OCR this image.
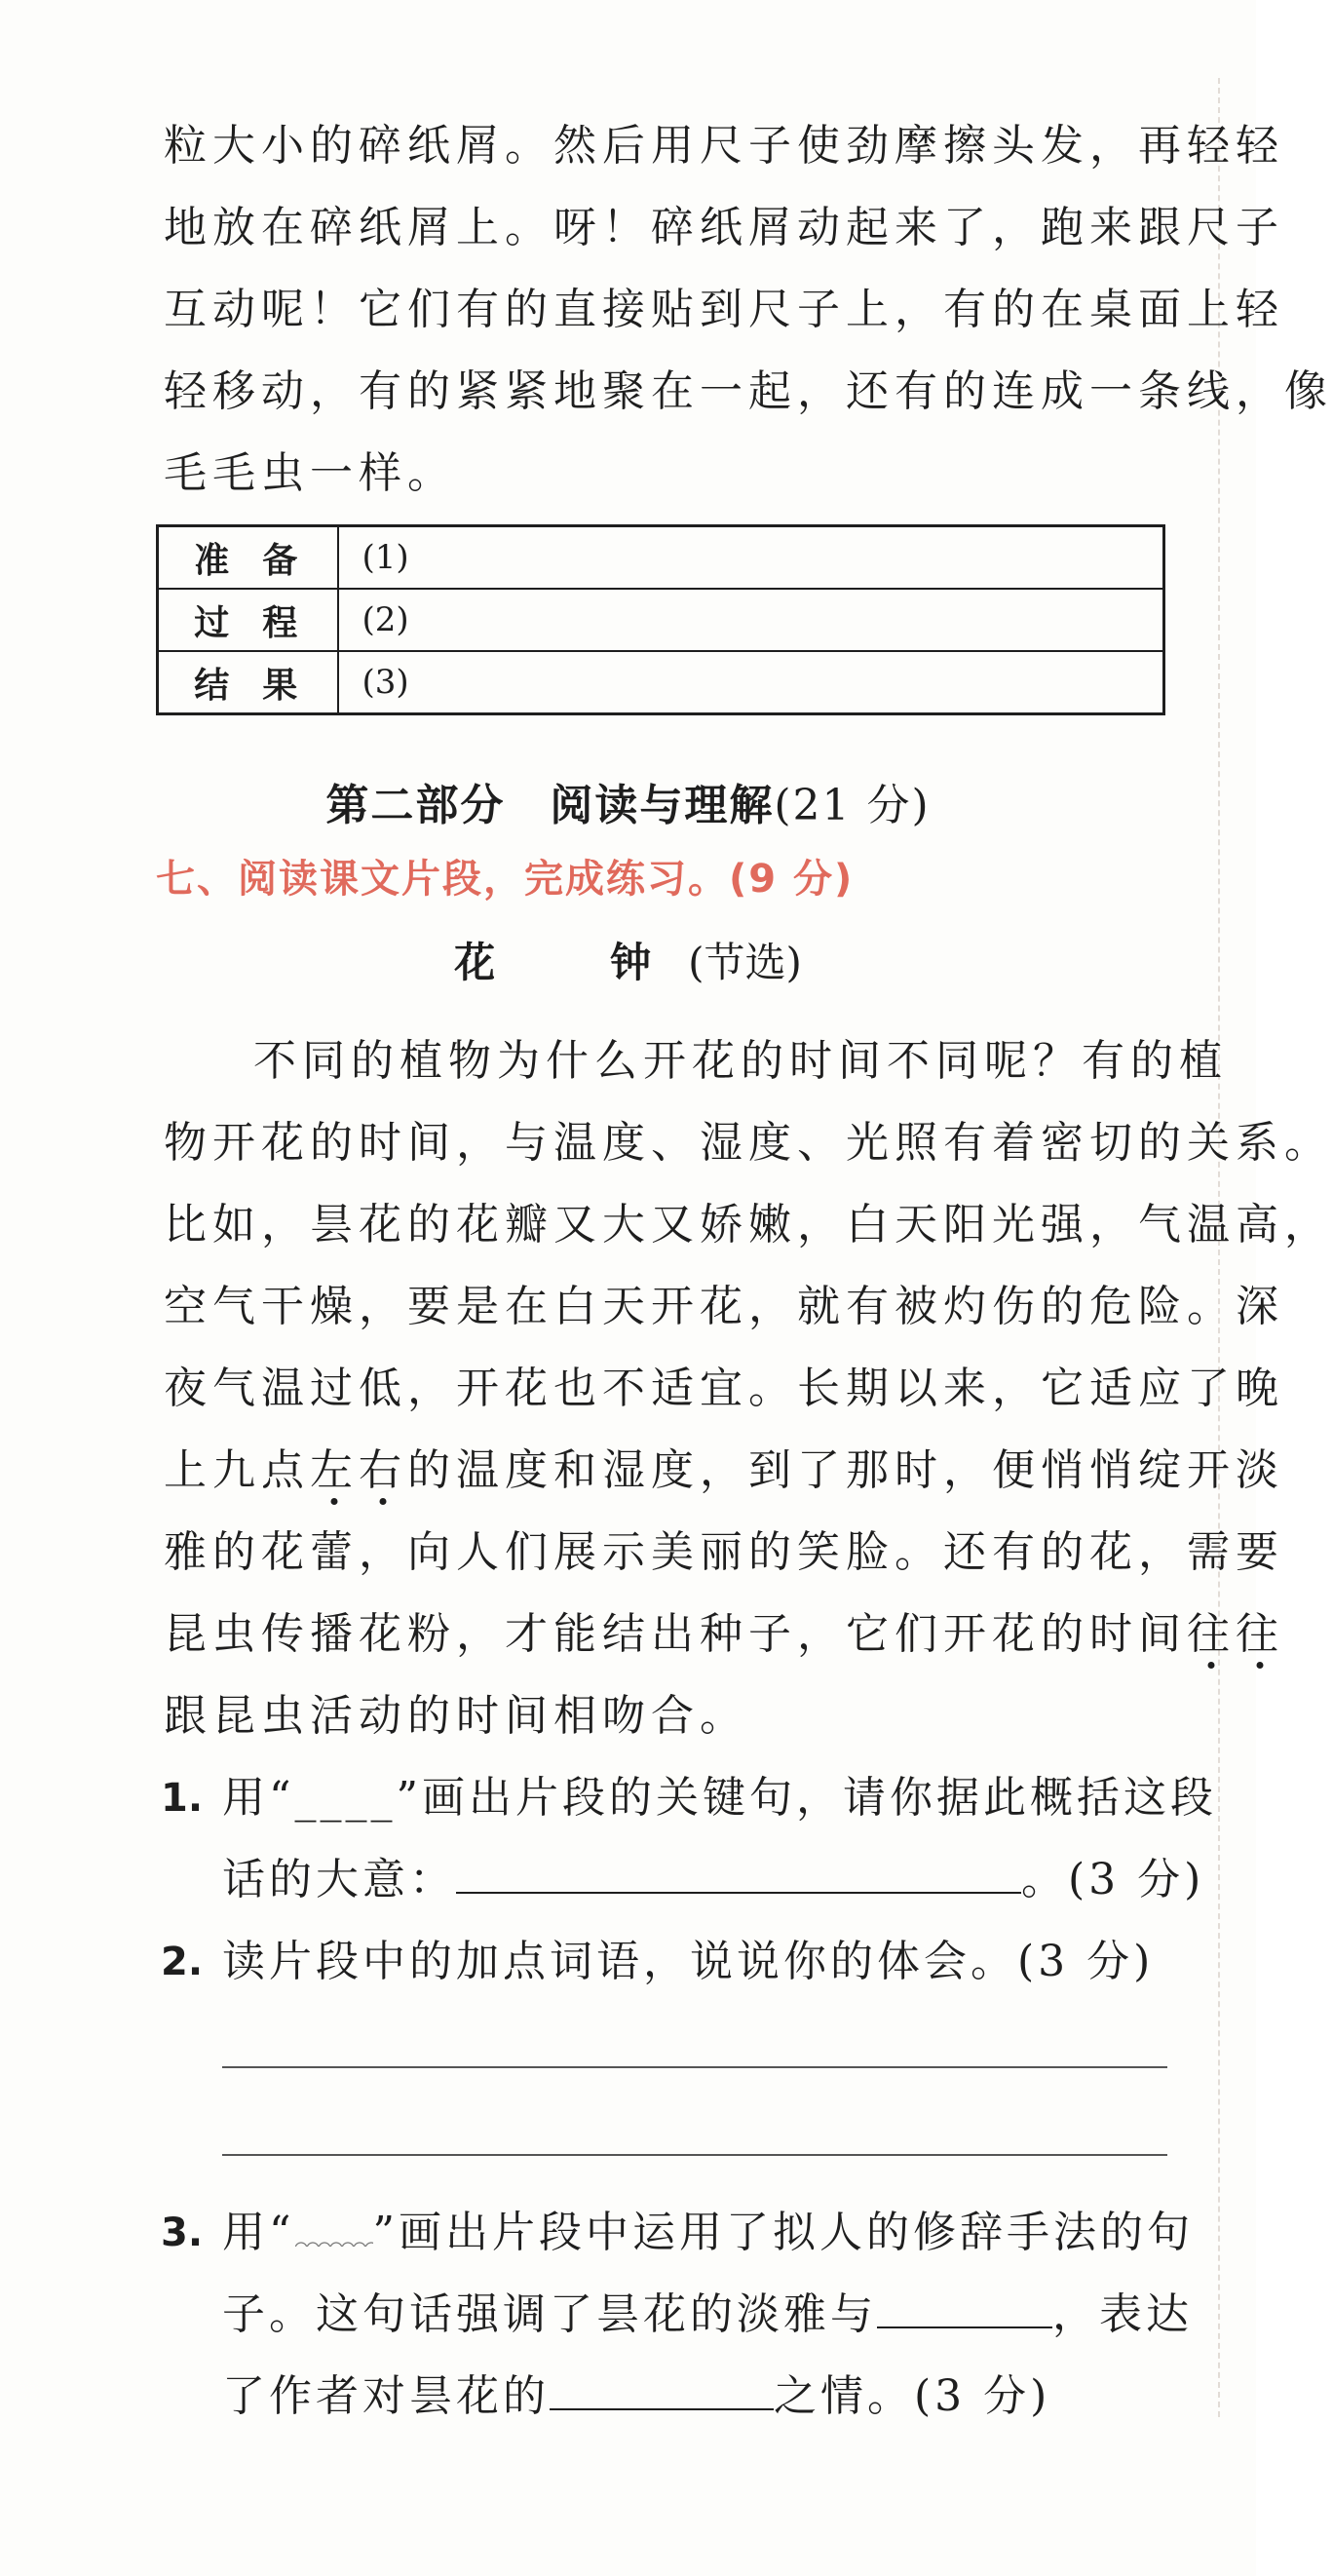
粒大小的碎纸屑。然后用尺子使劲摩擦头发，再轻轻
地放在碎纸屑上。呀！碎纸屑动起来了，跑来跟尺子
互动呢！它们有的直接贴到尺子上，有的在桌面上轻
轻移动，有的紧紧地聚在一起，还有的连成一条线，像
毛毛虫一样。
准备	(1)
过程	(2)
结果	(3)
第二部分　阅读与理解(21 分)
七、阅读课文片段，完成练习。(9 分)
花　钟(节选)
不同的植物为什么开花的时间不同呢？有的植
物开花的时间，与温度、湿度、光照有着密切的关系。
比如，昙花的花瓣又大又娇嫩，白天阳光强，气温高，
空气干燥，要是在白天开花，就有被灼伤的危险。深
夜气温过低，开花也不适宜。长期以来，它适应了晚
上九点左右的温度和湿度，到了那时，便悄悄绽开淡
雅的花蕾，向人们展示美丽的笑脸。还有的花，需要
昆虫传播花粉，才能结出种子，它们开花的时间往往
跟昆虫活动的时间相吻合。
1. 用“____”画出片段的关键句，请你据此概括这段
话的大意：	。(3 分)
2. 读片段中的加点词语，说说你的体会。(3 分)
3. 用“ ”画出片段中运用了拟人的修辞手法的句
子。这句话强调了昙花的淡雅与	，表达
了作者对昙花的	之情。(3 分)
